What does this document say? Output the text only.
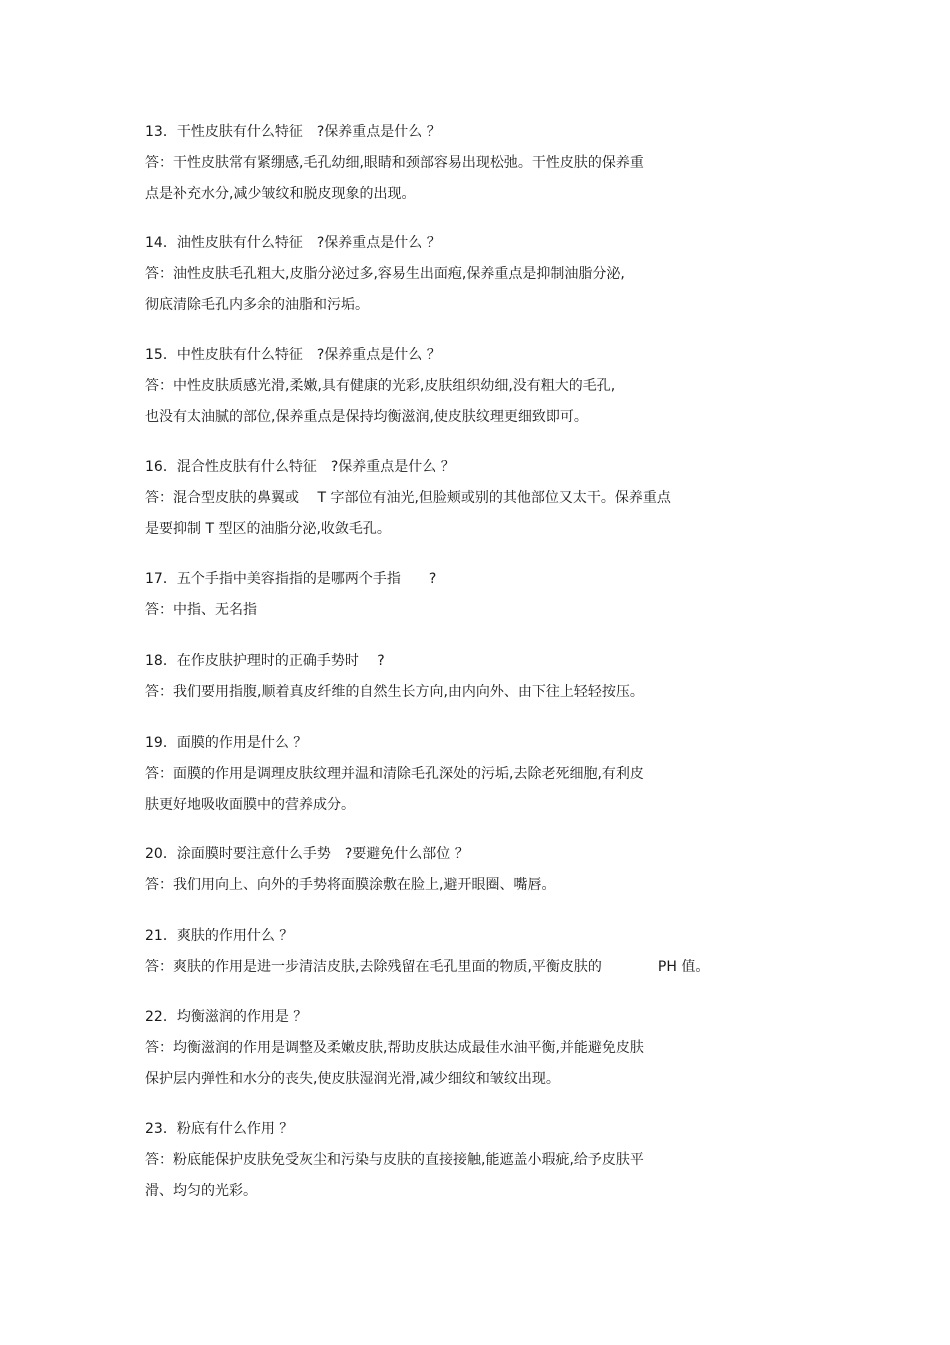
13．干性皮肤有什么特征　?保养重点是什么 ？
答：干性皮肤常有紧绷感,毛孔幼细,眼睛和颈部容易出现松弛。干性皮肤的保养重
点是补充水分,减少皱纹和脱皮现象的出现。
14．油性皮肤有什么特征　?保养重点是什么 ？
答：油性皮肤毛孔粗大,皮脂分泌过多,容易生出面疱,保养重点是抑制油脂分泌,
彻底清除毛孔内多余的油脂和污垢。
15．中性皮肤有什么特征　?保养重点是什么 ？
答：中性皮肤质感光滑,柔嫩,具有健康的光彩,皮肤组织幼细,没有粗大的毛孔,
也没有太油腻的部位,保养重点是保持均衡滋润,使皮肤纹理更细致即可。
16．混合性皮肤有什么特征　?保养重点是什么 ？
答：混合型皮肤的鼻翼或　 T 字部位有油光,但脸颊或别的其他部位又太干。保养重点
是要抑制 T 型区的油脂分泌,收敛毛孔。
17．五个手指中美容指指的是哪两个手指　　?
答：中指、无名指
18．在作皮肤护理时的正确手势时　 ?
答：我们要用指腹,顺着真皮纤维的自然生长方向,由内向外、由下往上轻轻按压。
19．面膜的作用是什么 ？
答：面膜的作用是调理皮肤纹理并温和清除毛孔深处的污垢,去除老死细胞,有利皮
肤更好地吸收面膜中的营养成分。
20．涂面膜时要注意什么手势　?要避免什么部位 ？
答：我们用向上、向外的手势将面膜涂敷在脸上,避开眼圈、嘴唇。
21．爽肤的作用什么 ？
答：爽肤的作用是进一步清洁皮肤,去除残留在毛孔里面的物质,平衡皮肤的　　　　PH 值。
22．均衡滋润的作用是 ？
答：均衡滋润的作用是调整及柔嫩皮肤,帮助皮肤达成最佳水油平衡,并能避免皮肤
保护层内弹性和水分的丧失,使皮肤湿润光滑,减少细纹和皱纹出现。
23．粉底有什么作用 ？
答：粉底能保护皮肤免受灰尘和污染与皮肤的直接接触,能遮盖小瑕疵,给予皮肤平
滑、均匀的光彩。
